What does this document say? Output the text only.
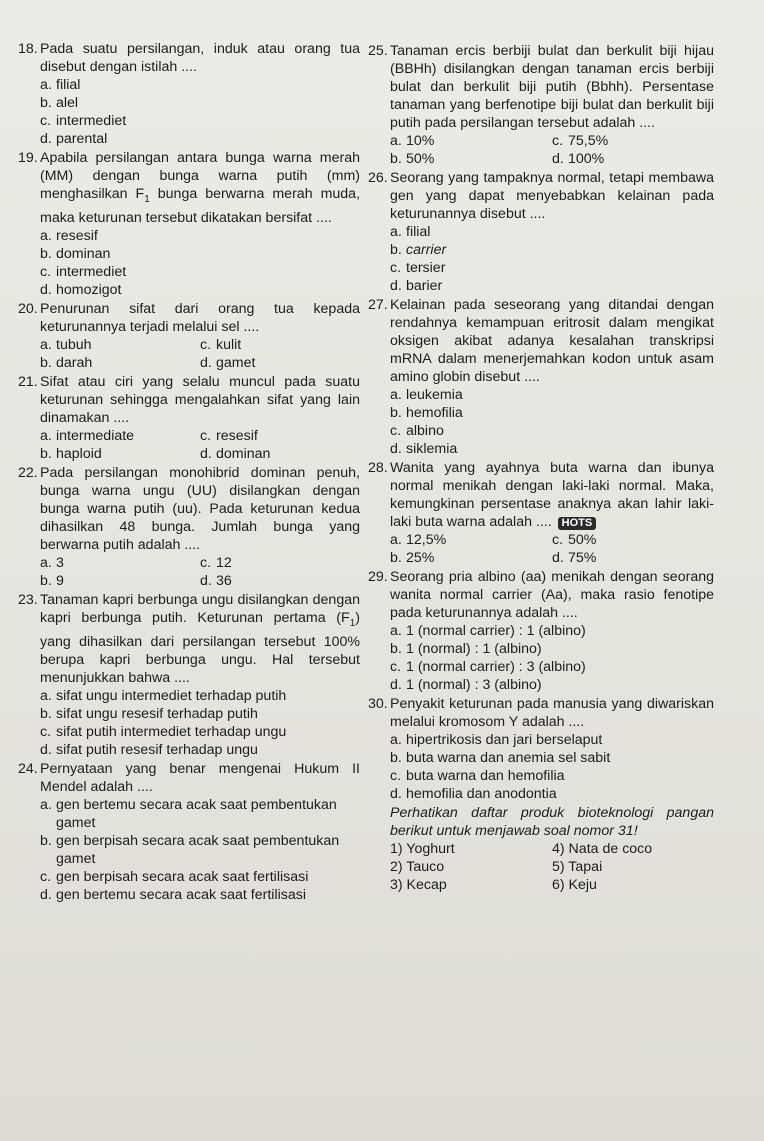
18. Pada suatu persilangan, induk atau orang tua disebut dengan istilah ....
a. filial
b. alel
c. intermediet
d. parental
19. Apabila persilangan antara bunga warna merah (MM) dengan bunga warna putih (mm) menghasilkan $F_1$ bunga berwarna merah muda, maka keturunan tersebut dikatakan bersifat ....
a. resesif
b. dominan
c. intermediet
d. homozigot
20. Penurunan sifat dari orang tua kepada keturunannya terjadi melalui sel ....
a. tubuh	c. kulit
b. darah	d. gamet
21. Sifat atau ciri yang selalu muncul pada suatu keturunan sehingga mengalahkan sifat yang lain dinamakan ....
a. intermediate	c. resesif
b. haploid	d. dominan
22. Pada persilangan monohibrid dominan penuh, bunga warna ungu (UU) disilangkan dengan bunga warna putih (uu). Pada keturunan kedua dihasilkan 48 bunga. Jumlah bunga yang berwarna putih adalah ....
a. 3	c. 12
b. 9	d. 36
23. Tanaman kapri berbunga ungu disilangkan dengan kapri berbunga putih. Keturunan pertama $(F_1)$ yang dihasilkan dari persilangan tersebut 100% berupa kapri berbunga ungu. Hal tersebut menunjukkan bahwa ....
a. sifat ungu intermediet terhadap putih
b. sifat ungu resesif terhadap putih
c. sifat putih intermediet terhadap ungu
d. sifat putih resesif terhadap ungu
24. Pernyataan yang benar mengenai Hukum II Mendel adalah ....
a. gen bertemu secara acak saat pembentukan gamet
b. gen berpisah secara acak saat pembentukan gamet
c. gen berpisah secara acak saat fertilisasi
d. gen bertemu secara acak saat fertilisasi
25. Tanaman ercis berbiji bulat dan berkulit biji hijau (BBHh) disilangkan dengan tanaman ercis berbiji bulat dan berkulit biji putih (Bbhh). Persentase tanaman yang berfenotipe biji bulat dan berkulit biji putih pada persilangan tersebut adalah ....
a. 10%	c. 75,5%
b. 50%	d. 100%
26. Seorang yang tampaknya normal, tetapi membawa gen yang dapat menyebabkan kelainan pada keturunannya disebut ....
a. filial
b. carrier
c. tersier
d. barier
27. Kelainan pada seseorang yang ditandai dengan rendahnya kemampuan eritrosit dalam mengikat oksigen akibat adanya kesalahan transkripsi mRNA dalam menerjemahkan kodon untuk asam amino globin disebut ....
a. leukemia
b. hemofilia
c. albino
d. siklemia
28. Wanita yang ayahnya buta warna dan ibunya normal menikah dengan laki-laki normal. Maka, kemungkinan persentase anaknya akan lahir laki-laki buta warna adalah .... HOTS
a. 12,5%	c. 50%
b. 25%	d. 75%
29. Seorang pria albino (aa) menikah dengan seorang wanita normal carrier (Aa), maka rasio fenotipe pada keturunannya adalah ....
a. 1 (normal carrier) : 1 (albino)
b. 1 (normal) : 1 (albino)
c. 1 (normal carrier) : 3 (albino)
d. 1 (normal) : 3 (albino)
30. Penyakit keturunan pada manusia yang diwariskan melalui kromosom Y adalah ....
a. hipertrikosis dan jari berselaput
b. buta warna dan anemia sel sabit
c. buta warna dan hemofilia
d. hemofilia dan anodontia
Perhatikan daftar produk bioteknologi pangan berikut untuk menjawab soal nomor 31!
1) Yoghurt	4) Nata de coco
2) Tauco	5) Tapai
3) Kecap	6) Keju
